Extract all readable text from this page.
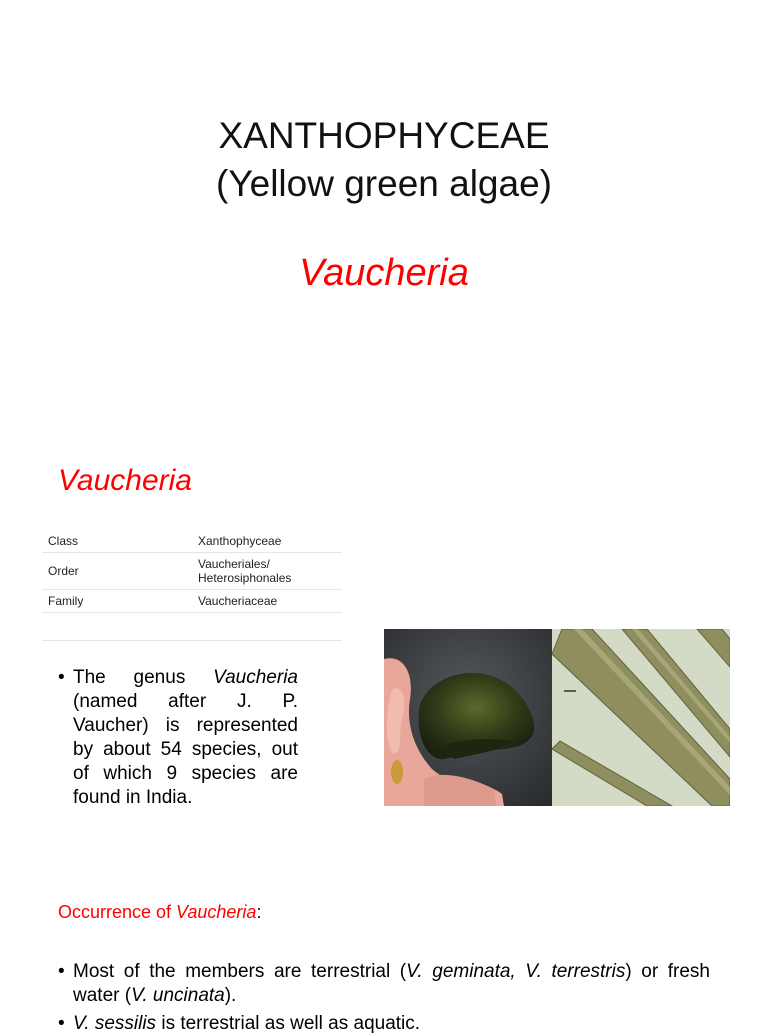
XANTHOPHYCEAE
(Yellow green algae)
Vaucheria
Vaucheria
Class	Xanthophyceae
Order	Vaucheriales/
Heterosiphonales

Family	Vaucheriaceae
• The genus Vaucheria (named after J. P. Vaucher) is represented by about 54 species, out of which 9 species are found in India.
Occurrence of Vaucheria:
• Most of the members are terrestrial (V. geminata, V. terrestris) or fresh water (V. uncinata).
• V. sessilis is terrestrial as well as aquatic.
